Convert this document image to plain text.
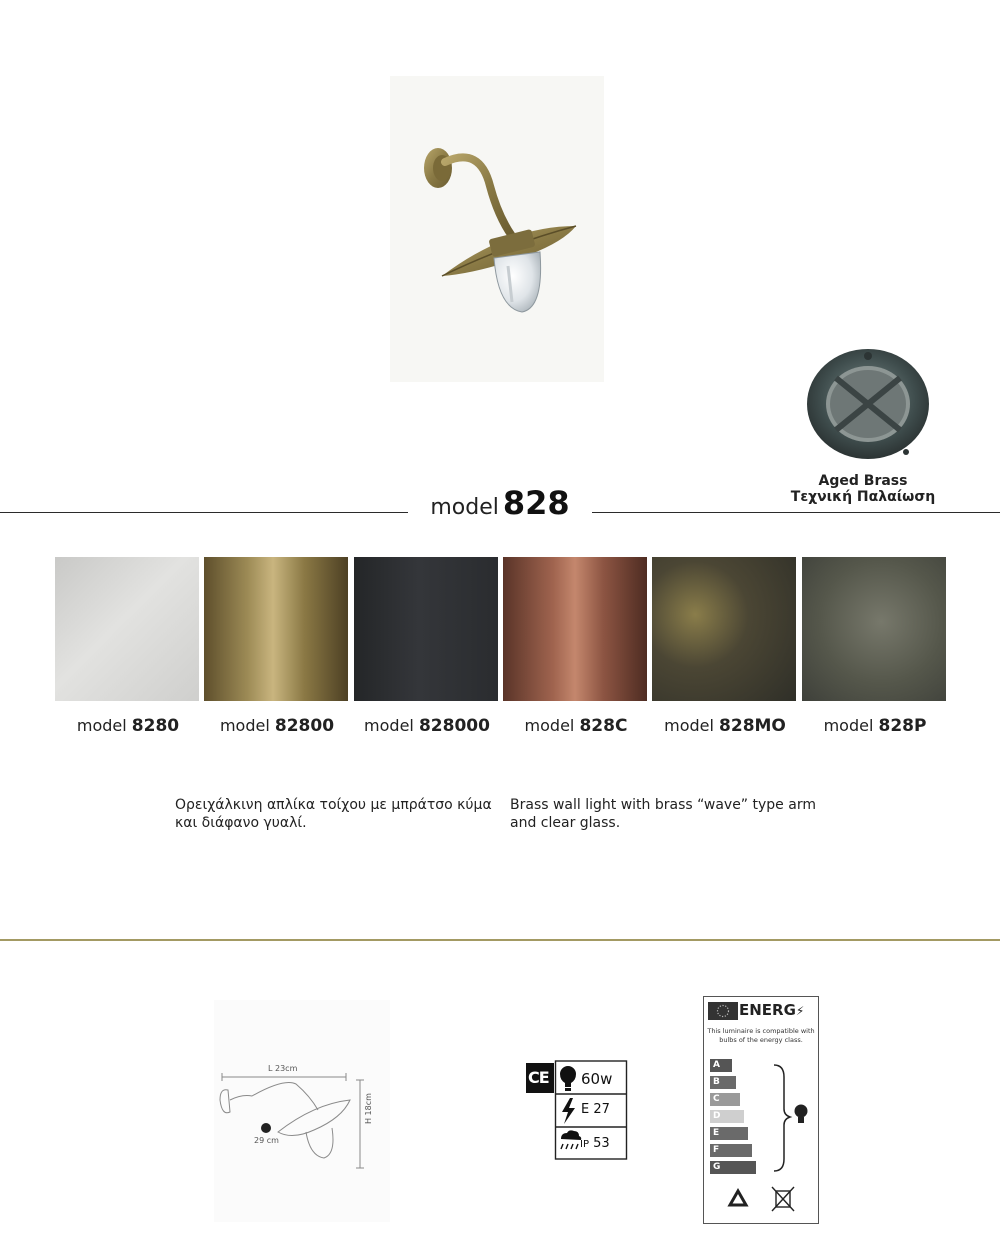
Aged Brass
Τεχνική Παλαίωση
model 828
model 8280	model 82800	model 828000	model 828C	model 828MO	model 828P
Ορειχάλκινη απλίκα τοίχου με μπράτσο κύμα και διάφανο γυαλί.
Brass wall light with brass “wave” type arm and clear glass.
L 23cm
H 18cm
29 cm
CE 60w
E 27
IP 53
ENERG⚡
This luminaire is compatible with bulbs of the energy class.
A
B
C
D
E
F
G
